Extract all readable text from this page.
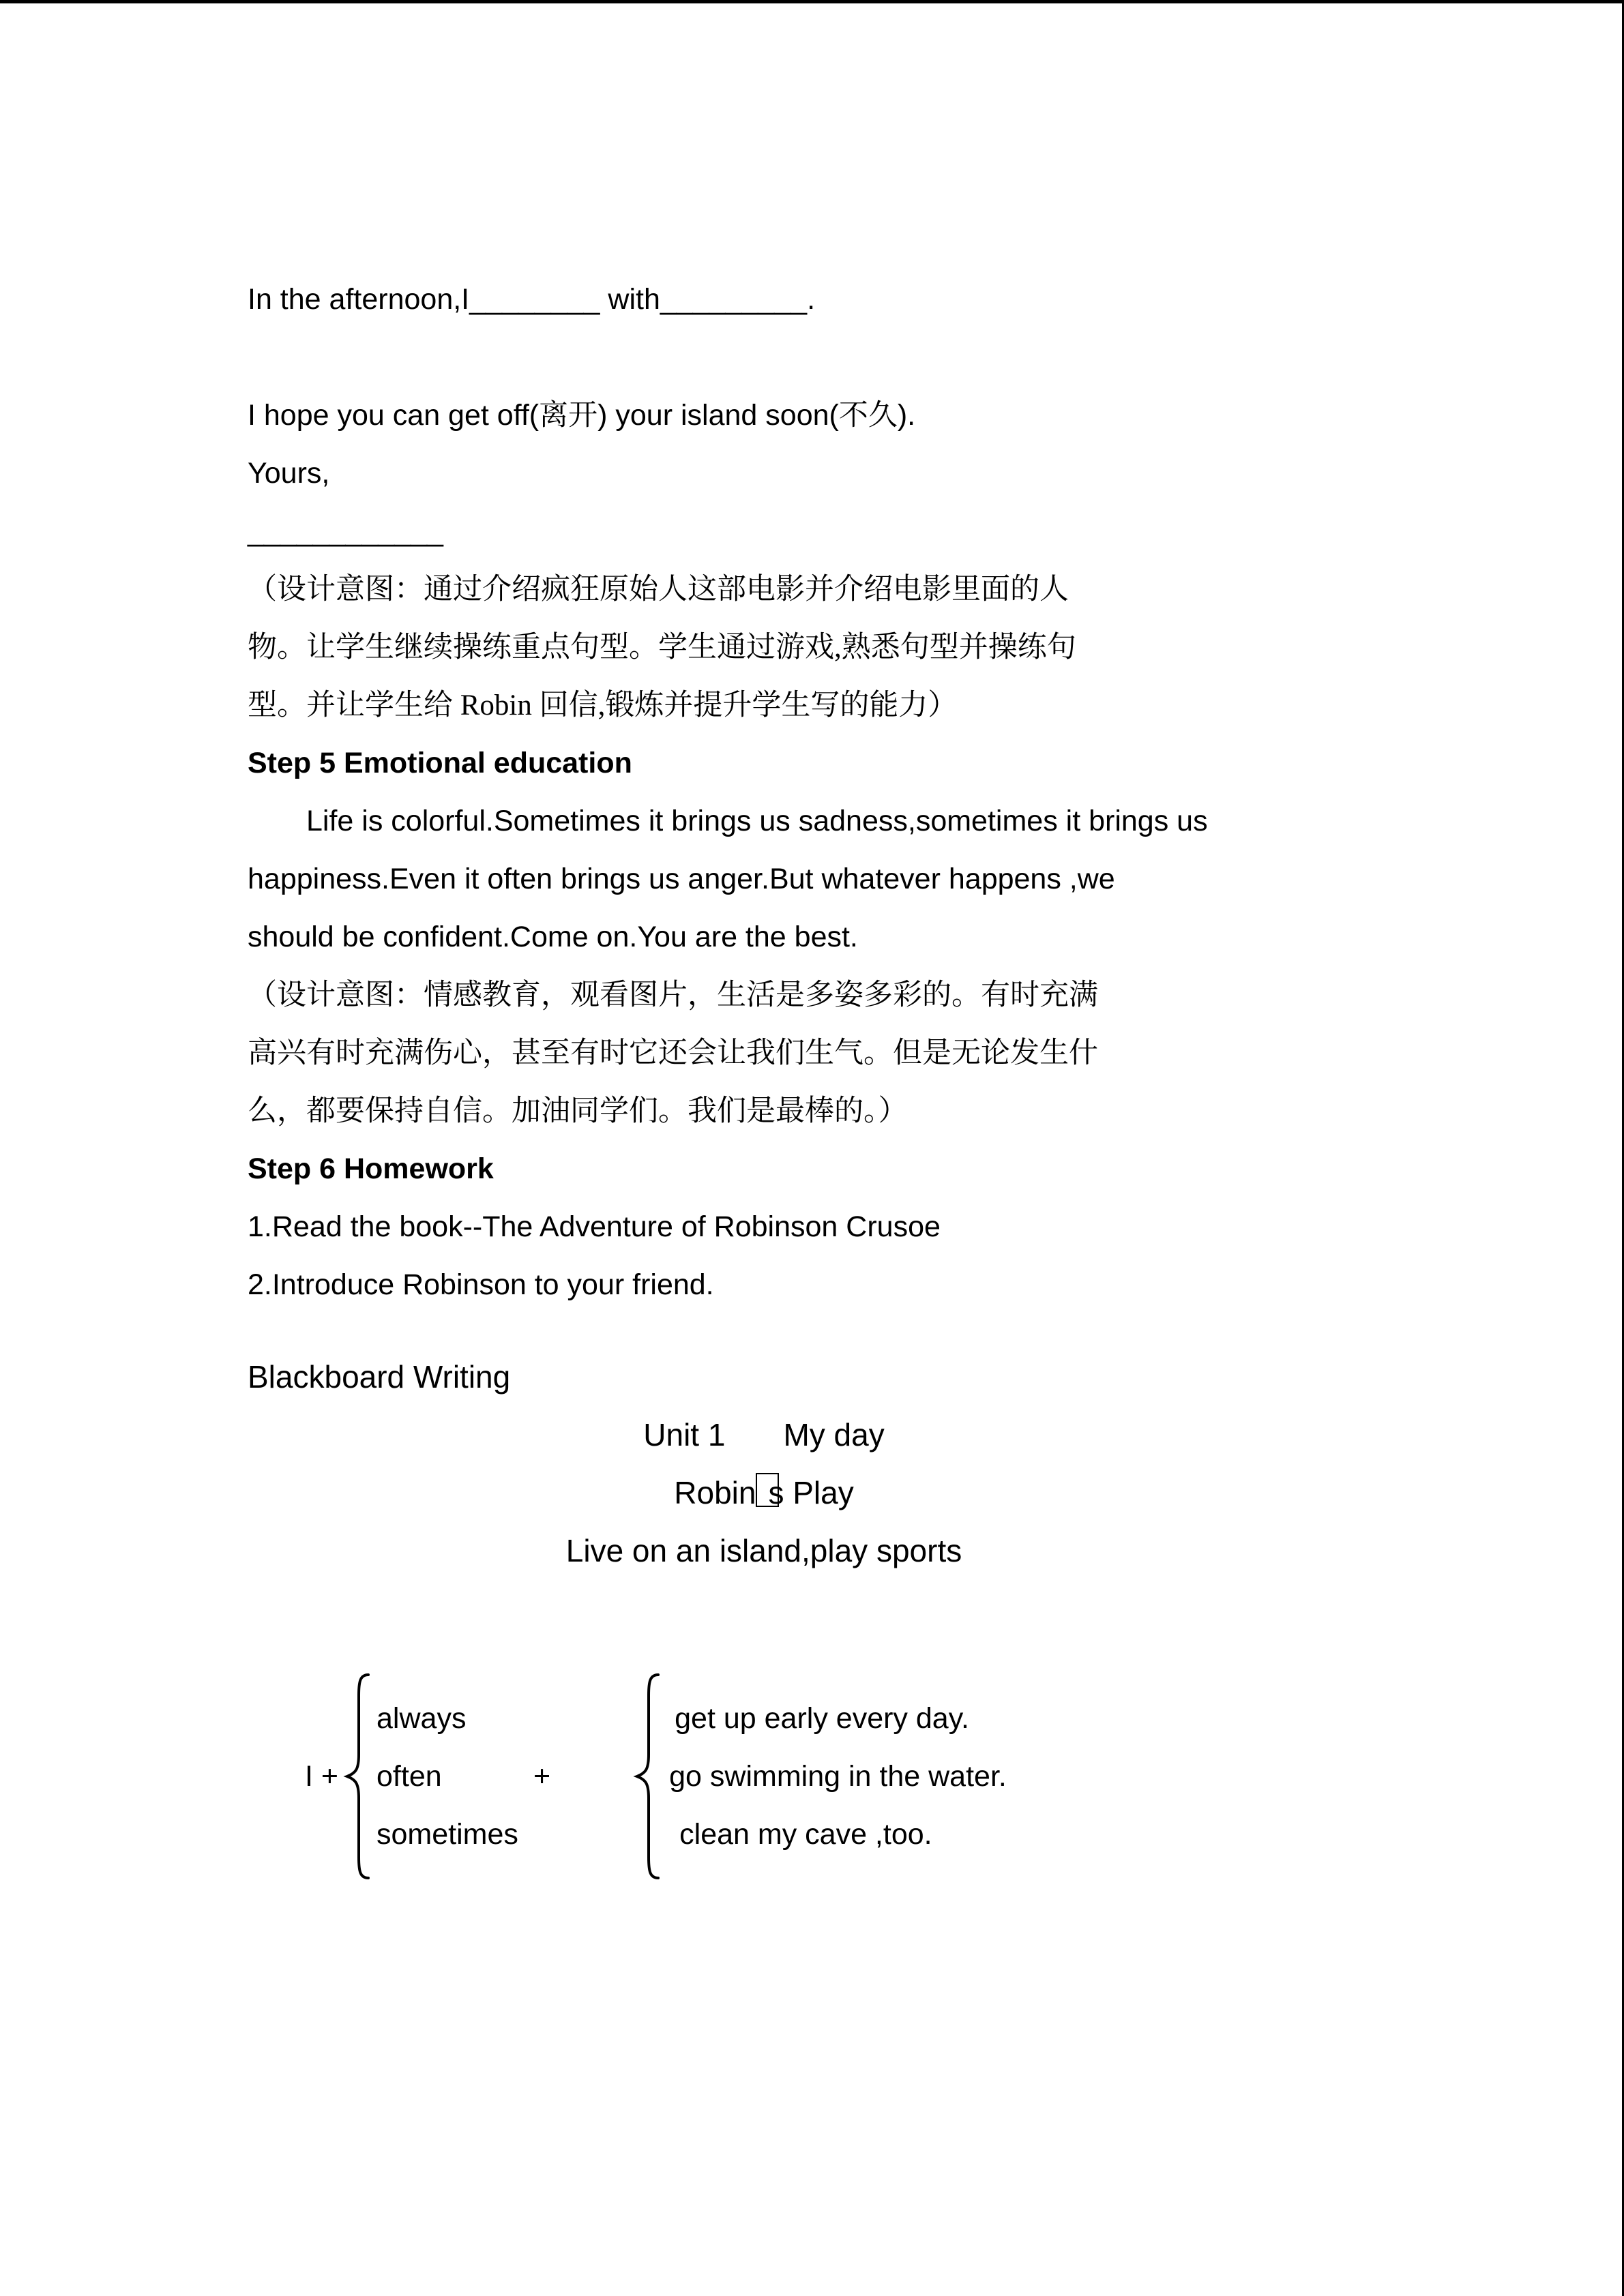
In the afternoon,I________ with_________.
I hope you can get off(离开) your island soon(不久).
Yours,
____________
（设计意图：通过介绍疯狂原始人这部电影并介绍电影里面的人
物。让学生继续操练重点句型。学生通过游戏,熟悉句型并操练句
型。并让学生给 Robin 回信,锻炼并提升学生写的能力）
Step 5 Emotional education
Life is colorful.Sometimes it brings us sadness,sometimes it brings us
happiness.Even it often brings us anger.But whatever happens ,we
should be confident.Come on.You are the best.
（设计意图：情感教育，观看图片，生活是多姿多彩的。有时充满
高兴有时充满伤心，甚至有时它还会让我们生气。但是无论发生什
么，都要保持自信。加油同学们。我们是最棒的。）
Step 6 Homework
1.Read the book--The Adventure of Robinson Crusoe
2.Introduce Robinson to your friend.
Blackboard Writing
Unit 1 My day
Robin s Play
Live on an island,play sports
I +
always
often
sometimes
+
get up early every day.
go swimming in the water.
clean my cave ,too.
